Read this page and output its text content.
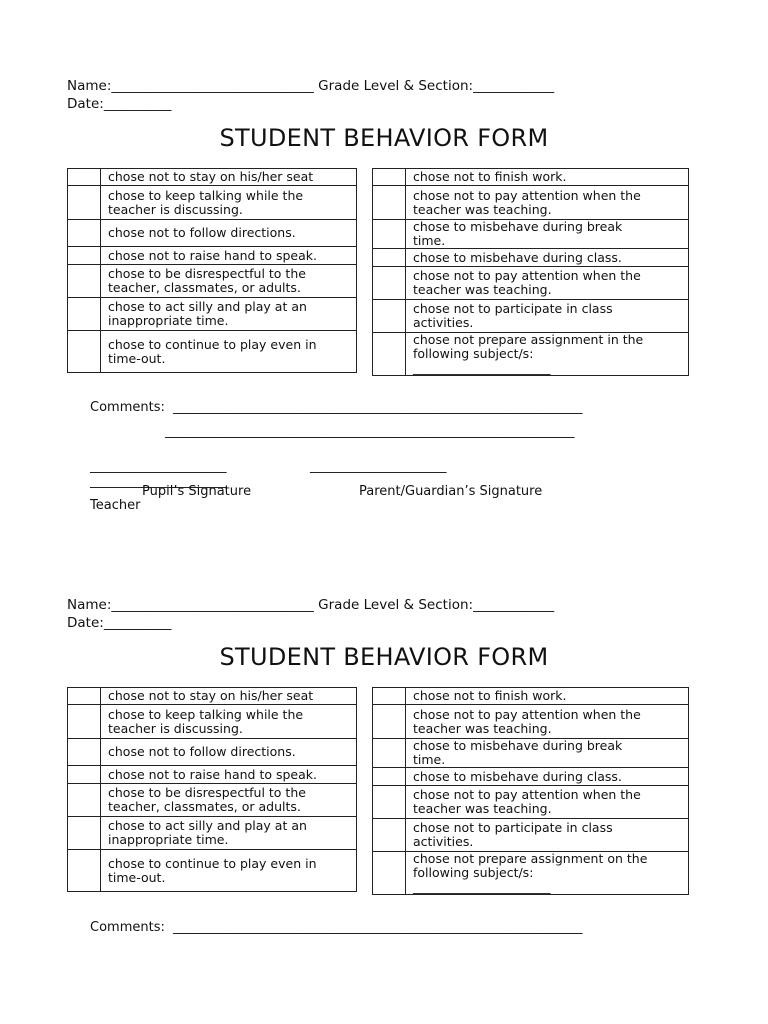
Name:______________________________ Grade Level & Section:____________
Date:__________
STUDENT BEHAVIOR FORM
	chose not to stay on his/her seat
	chose to keep talking while the
teacher is discussing.
	chose not to follow directions.
	chose not to raise hand to speak.
	chose to be disrespectful to the
teacher, classmates, or adults.
	chose to act silly and play at an
inappropriate time.
	chose to continue to play even in
time-out.
	chose not to finish work.
	chose not to pay attention when the
teacher was teaching.
	chose to misbehave during break
time.
	chose to misbehave during class.
	chose not to pay attention when the
teacher was teaching.
	chose not to participate in class
activities.
	chose not prepare assignment in the
following subject/s:
______________________
Comments: _______________________________________________________________
_______________________________________________________________
_____________________	_____________________
_____________________
Pupil’s Signature	Parent/Guardian’s Signature
Teacher
Name:______________________________ Grade Level & Section:____________
Date:__________
STUDENT BEHAVIOR FORM
	chose not to stay on his/her seat
	chose to keep talking while the
teacher is discussing.
	chose not to follow directions.
	chose not to raise hand to speak.
	chose to be disrespectful to the
teacher, classmates, or adults.
	chose to act silly and play at an
inappropriate time.
	chose to continue to play even in
time-out.
	chose not to finish work.
	chose not to pay attention when the
teacher was teaching.
	chose to misbehave during break
time.
	chose to misbehave during class.
	chose not to pay attention when the
teacher was teaching.
	chose not to participate in class
activities.
	chose not prepare assignment on the
following subject/s:
______________________
Comments: _______________________________________________________________
